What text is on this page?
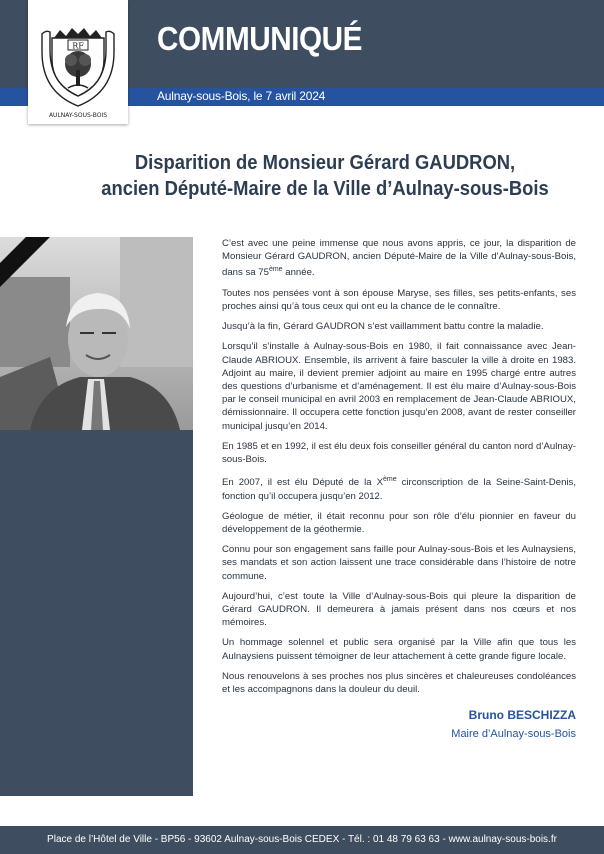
COMMUNIQUÉ
Aulnay-sous-Bois, le 7 avril 2024
RF
AULNAY-SOUS-BOIS
Disparition de Monsieur Gérard GAUDRON,
ancien Député-Maire de la Ville d’Aulnay-sous-Bois

C’est avec une peine immense que nous avons appris, ce jour, la disparition de Monsieur Gérard GAUDRON, ancien Député-Maire de la Ville d’Aulnay-sous-Bois, dans sa 75ème année.

Toutes nos pensées vont à son épouse Maryse, ses filles, ses petits-enfants, ses proches ainsi qu’à tous ceux qui ont eu la chance de le connaître.

Jusqu’à la fin, Gérard GAUDRON s’est vaillamment battu contre la maladie.

Lorsqu’il s’installe à Aulnay-sous-Bois en 1980, il fait connaissance avec Jean-Claude ABRIOUX. Ensemble, ils arrivent à faire basculer la ville à droite en 1983. Adjoint au maire, il devient premier adjoint au maire en 1995 chargé entre autres des questions d’urbanisme et d’aménagement. Il est élu maire d’Aulnay-sous-Bois par le conseil municipal en avril 2003 en remplacement de Jean-Claude ABRIOUX, démissionnaire. Il occupera cette fonction jusqu’en 2008, avant de rester conseiller municipal jusqu’en 2014.

En 1985 et en 1992, il est élu deux fois conseiller général du canton nord d’Aulnay-sous-Bois.

En 2007, il est élu Député de la Xème circonscription de la Seine-Saint-Denis, fonction qu’il occupera jusqu’en 2012.

Géologue de métier, il était reconnu pour son rôle d’élu pionnier en faveur du développement de la géothermie.

Connu pour son engagement sans faille pour Aulnay-sous-Bois et les Aulnaysiens, ses mandats et son action laissent une trace considérable dans l’histoire de notre commune.

Aujourd’hui, c’est toute la Ville d’Aulnay-sous-Bois qui pleure la disparition de Gérard GAUDRON. Il demeurera à jamais présent dans nos cœurs et nos mémoires.

Un hommage solennel et public sera organisé par la Ville afin que tous les Aulnaysiens puissent témoigner de leur attachement à cette grande figure locale.

Nous renouvelons à ses proches nos plus sincères et chaleureuses condoléances et les accompagnons dans la douleur du deuil.

Bruno BESCHIZZA
Maire d’Aulnay-sous-Bois
Place de l’Hôtel de Ville - BP56 - 93602 Aulnay-sous-Bois CEDEX - Tél. : 01 48 79 63 63 - www.aulnay-sous-bois.fr
